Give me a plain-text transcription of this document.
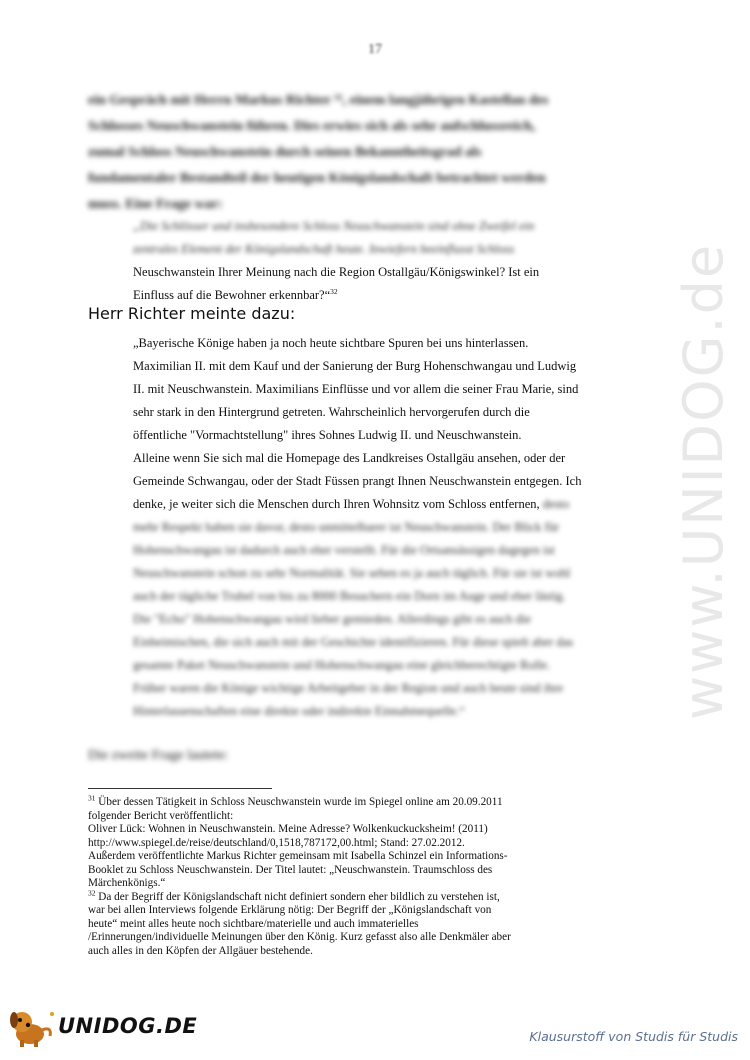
17
ein Gespräch mit Herrn Markus Richter ³¹, einem langjährigen Kastellan des Schlosses Neuschwanstein führen. Dies erwies sich als sehr aufschlussreich, zumal Schloss Neuschwanstein durch seinen Bekanntheitsgrad als fundamentaler Bestandteil der heutigen Königslandschaft betrachtet werden muss. Eine Frage war:
„Die Schlösser und insbesondere Schloss Neuschwanstein sind ohne Zweifel ein
zentrales Element der Königslandschaft heute. Inwiefern beeinflusst Schloss
Neuschwanstein Ihrer Meinung nach die Region Ostallgäu/Königswinkel? Ist ein
Einfluss auf die Bewohner erkennbar?“$^{32}$
Herr Richter meinte dazu:

„Bayerische Könige haben ja noch heute sichtbare Spuren bei uns hinterlassen. Maximilian II. mit dem Kauf und der Sanierung der Burg Hohenschwangau und Ludwig II. mit Neuschwanstein. Maximilians Einflüsse und vor allem die seiner Frau Marie, sind sehr stark in den Hintergrund getreten. Wahrscheinlich hervorgerufen durch die öffentliche "Vormachtstellung" ihres Sohnes Ludwig II. und Neuschwanstein.

Alleine wenn Sie sich mal die Homepage des Landkreises Ostallgäu ansehen, oder der Gemeinde Schwangau, oder der Stadt Füssen prangt Ihnen Neuschwanstein entgegen. Ich denke, je weiter sich die Menschen durch Ihren Wohnsitz vom Schloss entfernen, desto mehr Respekt haben sie davor, desto unmittelbarer ist Neuschwanstein. Der Blick für Hohenschwangau ist dadurch auch eher verstellt. Für die Ortsansässigen dagegen ist Neuschwanstein schon zu sehr Normalität. Sie sehen es ja auch täglich. Für sie ist wohl auch der tägliche Trubel von bis zu 8000 Besuchern ein Dorn im Auge und eher lästig. Die "Echo" Hohenschwangau wird lieber gemieden. Allerdings gibt es auch die Einheimischen, die sich auch mit der Geschichte identifizieren. Für diese spielt aber das gesamte Paket Neuschwanstein und Hohenschwangau eine gleichberechtigte Rolle. Früher waren die Könige wichtige Arbeitgeber in der Region und auch heute sind ihre Hinterlassenschaften eine direkte oder indirekte Einnahmequelle.“

Die zweite Frage lautete:

$^{31}$ Über dessen Tätigkeit in Schloss Neuschwanstein wurde im Spiegel online am 20.09.2011
folgender Bericht veröffentlicht:
Oliver Lück: Wohnen in Neuschwanstein. Meine Adresse? Wolkenkuckucksheim! (2011)
http://www.spiegel.de/reise/deutschland/0,1518,787172,00.html; Stand: 27.02.2012.
Außerdem veröffentlichte Markus Richter gemeinsam mit Isabella Schinzel ein Informations-
Booklet zu Schloss Neuschwanstein. Der Titel lautet: „Neuschwanstein. Traumschloss des
Märchenkönigs.“

$^{32}$ Da der Begriff der Königslandschaft nicht definiert sondern eher bildlich zu verstehen ist,
war bei allen Interviews folgende Erklärung nötig: Der Begriff der „Königslandschaft von
heute“ meint alles heute noch sichtbare/materielle und auch immaterielles
/Erinnerungen/individuelle Meinungen über den König. Kurz gefasst also alle Denkmäler aber
auch alles in den Köpfen der Allgäuer bestehende.

www.UNIDOG.de
UNIDOG.DE	Klausurstoff von Studis für Studis
